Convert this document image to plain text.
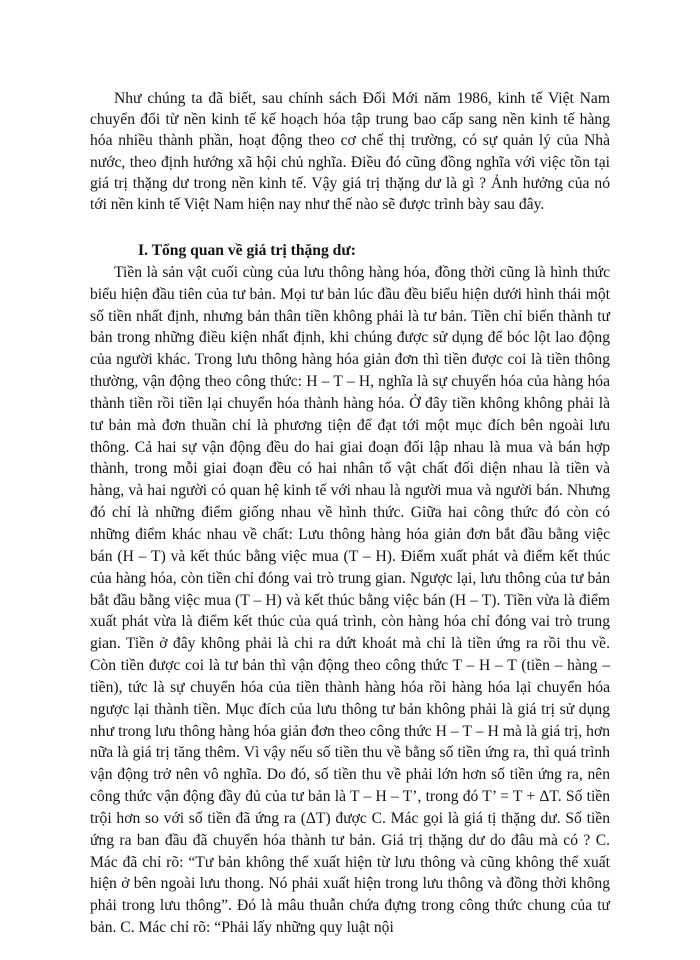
Như chúng ta đã biết, sau chính sách Đổi Mới năm 1986, kinh tế Việt Nam chuyển đổi từ nền kinh tế kế hoạch hóa tập trung bao cấp sang nền kinh tế hàng hóa nhiều thành phần, hoạt động theo cơ chế thị trường, có sự quản lý của Nhà nước, theo định hướng xã hội chủ nghĩa. Điều đó cũng đồng nghĩa với việc tồn tại giá trị thặng dư trong nền kinh tế. Vậy giá trị thặng dư là gì ? Ảnh hưởng của nó tới nền kinh tế Việt Nam hiện nay như thế nào sẽ được trình bày sau đây.

I. Tổng quan về giá trị thặng dư:

Tiền là sản vật cuối cùng của lưu thông hàng hóa, đồng thời cũng là hình thức biểu hiện đầu tiên của tư bản. Mọi tư bản lúc đầu đều biểu hiện dưới hình thái một số tiền nhất định, nhưng bản thân tiền không phải là tư bản. Tiền chỉ biến thành tư bản trong những điều kiện nhất định, khi chúng được sử dụng để bóc lột lao động của người khác. Trong lưu thông hàng hóa giản đơn thì tiền được coi là tiền thông thường, vận động theo công thức: H – T – H, nghĩa là sự chuyển hóa của hàng hóa thành tiền rồi tiền lại chuyển hóa thành hàng hóa. Ở đây tiền không không phải là tư bản mà đơn thuần chỉ là phương tiện để đạt tới một mục đích bên ngoài lưu thông. Cả hai sự vận động đều do hai giai đoạn đối lập nhau là mua và bán hợp thành, trong mỗi giai đoạn đều có hai nhân tố vật chất đối diện nhau là tiền và hàng, và hai người có quan hệ kinh tế với nhau là người mua và người bán. Nhưng đó chỉ là những điểm giống nhau về hình thức. Giữa hai công thức đó còn có những điểm khác nhau về chất: Lưu thông hàng hóa giản đơn bắt đầu bằng việc bán (H – T) và kết thúc bằng việc mua (T – H). Điểm xuất phát và điểm kết thúc của hàng hóa, còn tiền chỉ đóng vai trò trung gian. Ngược lại, lưu thông của tư bản bắt đầu bằng việc mua (T – H) và kết thúc bằng việc bán (H – T). Tiền vừa là điểm xuất phát vừa là điểm kết thúc của quá trình, còn hàng hóa chỉ đóng vai trò trung gian. Tiền ở đây không phải là chi ra dứt khoát mà chỉ là tiền ứng ra rồi thu về. Còn tiền được coi là tư bản thì vận động theo công thức T – H – T (tiền – hàng – tiền), tức là sự chuyển hóa của tiền thành hàng hóa rồi hàng hóa lại chuyển hóa ngược lại thành tiền. Mục đích của lưu thông tư bản không phải là giá trị sử dụng như trong lưu thông hàng hóa giản đơn theo công thức H – T – H mà là giá trị, hơn nữa là giá trị tăng thêm. Vì vậy nếu số tiền thu về bằng số tiền ứng ra, thì quá trình vận động trở nên vô nghĩa. Do đó, số tiền thu về phải lớn hơn số tiền ứng ra, nên công thức vận động đầy đủ của tư bản là T – H – T’, trong đó T’ = T + ΔT. Số tiền trội hơn so với số tiền đã ứng ra (ΔT) được C. Mác gọi là giá tị thặng dư. Số tiền ứng ra ban đầu đã chuyển hóa thành tư bản. Giá trị thặng dư do đâu mà có ? C. Mác đã chỉ rõ: “Tư bản không thể xuất hiện từ lưu thông và cũng không thể xuất hiện ở bên ngoài lưu thong. Nó phải xuất hiện trong lưu thông và đồng thời không phải trong lưu thông”. Đó là mâu thuẫn chứa đựng trong công thức chung của tư bản. C. Mác chỉ rõ: “Phải lấy những quy luật nội
